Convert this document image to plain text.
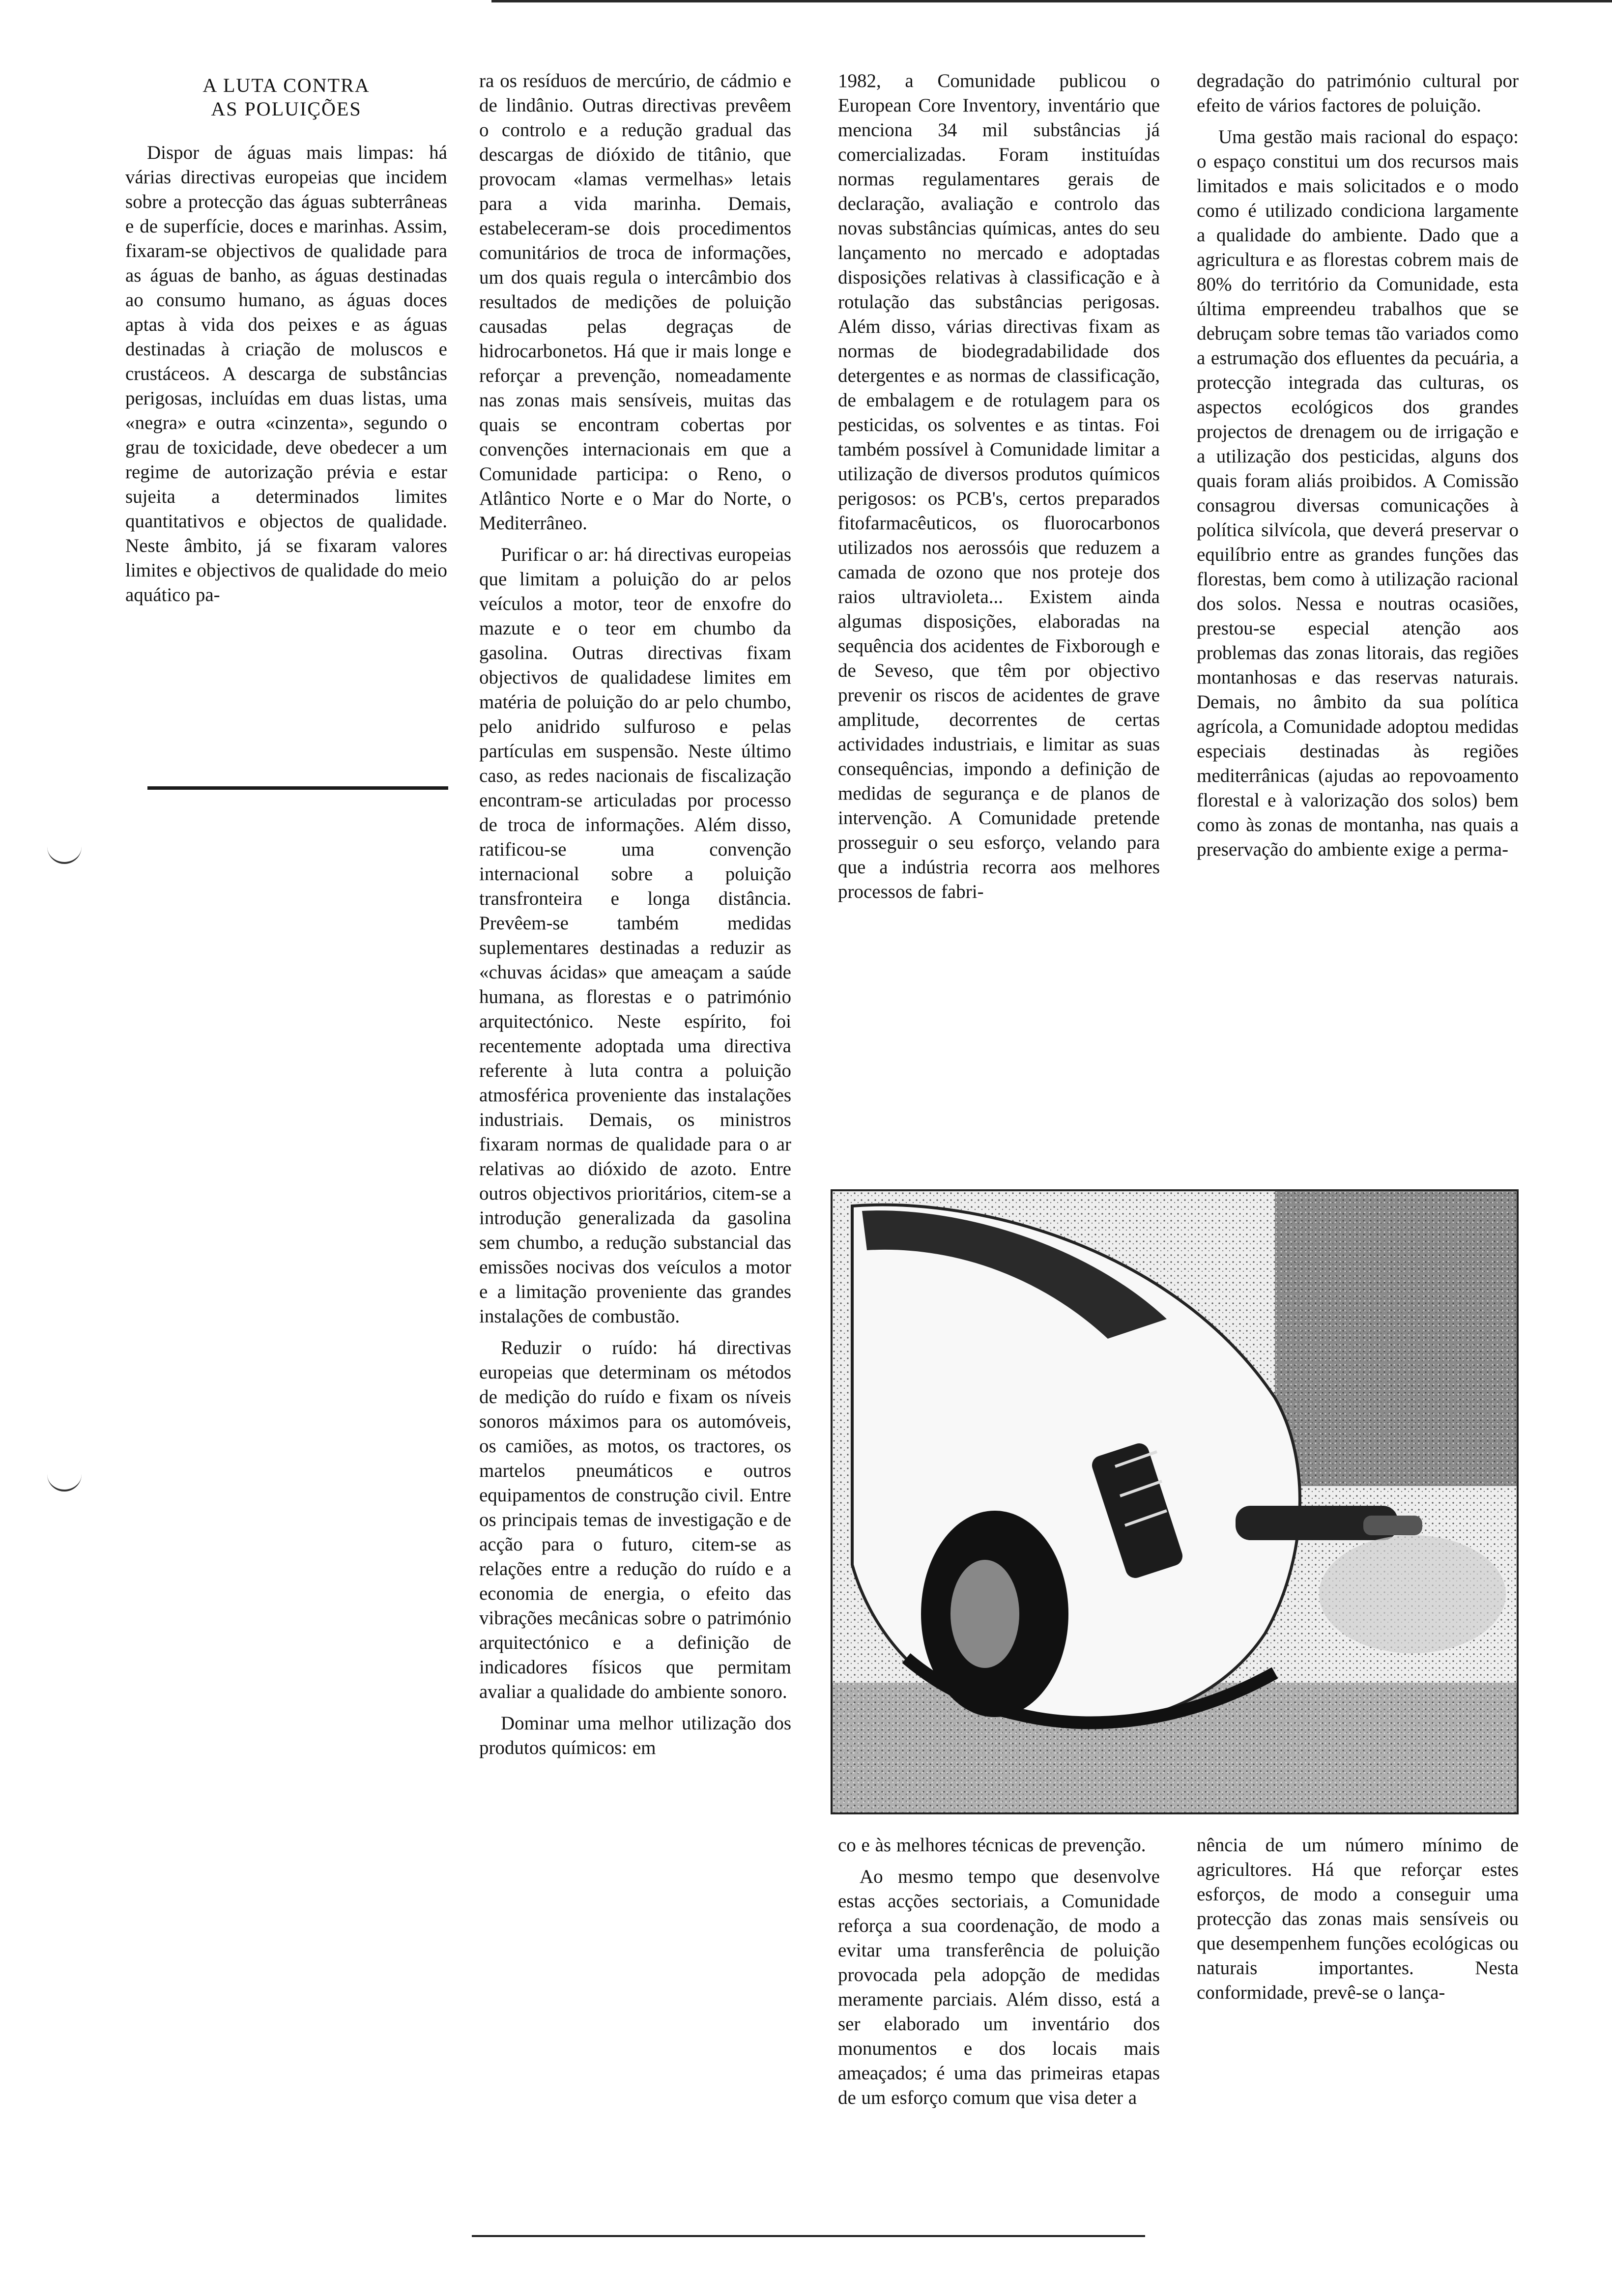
A LUTA CONTRA
AS POLUIÇÕES

Dispor de águas mais limpas: há várias directivas europeias que incidem sobre a protecção das águas subterrâneas e de superfície, doces e marinhas. Assim, fixaram-se objectivos de qualidade para as águas de banho, as águas destinadas ao consumo humano, as águas doces aptas à vida dos peixes e as águas destinadas à criação de moluscos e crustáceos. A descarga de substâncias perigosas, incluídas em duas listas, uma «negra» e outra «cinzenta», segundo o grau de toxicidade, deve obedecer a um regime de autorização prévia e estar sujeita a determinados limites quantitativos e objectos de qualidade. Neste âmbito, já se fixaram valores limites e objectivos de qualidade do meio aquático pa-

ra os resíduos de mercúrio, de cádmio e de lindânio. Outras directivas prevêem o controlo e a redução gradual das descargas de dióxido de titânio, que provocam «lamas vermelhas» letais para a vida marinha. Demais, estabeleceram-se dois procedimentos comunitários de troca de informações, um dos quais regula o intercâmbio dos resultados de medições de poluição causadas pelas degraças de hidrocarbonetos. Há que ir mais longe e reforçar a prevenção, nomeadamente nas zonas mais sensíveis, muitas das quais se encontram cobertas por convenções internacionais em que a Comunidade participa: o Reno, o Atlântico Norte e o Mar do Norte, o Mediterrâneo.

Purificar o ar: há directivas europeias que limitam a poluição do ar pelos veículos a motor, teor de enxofre do mazute e o teor em chumbo da gasolina. Outras directivas fixam objectivos de qualidadese limites em matéria de poluição do ar pelo chumbo, pelo anidrido sulfuroso e pelas partículas em suspensão. Neste último caso, as redes nacionais de fiscalização encontram-se articuladas por processo de troca de informações. Além disso, ratificou-se uma convenção internacional sobre a poluição transfronteira e longa distância. Prevêem-se também medidas suplementares destinadas a reduzir as «chuvas ácidas» que ameaçam a saúde humana, as florestas e o património arquitectónico. Neste espírito, foi recentemente adoptada uma directiva referente à luta contra a poluição atmosférica proveniente das instalações industriais. Demais, os ministros fixaram normas de qualidade para o ar relativas ao dióxido de azoto. Entre outros objectivos prioritários, citem-se a introdução generalizada da gasolina sem chumbo, a redução substancial das emissões nocivas dos veículos a motor e a limitação proveniente das grandes instalações de combustão.

Reduzir o ruído: há directivas europeias que determinam os métodos de medição do ruído e fixam os níveis sonoros máximos para os automóveis, os camiões, as motos, os tractores, os martelos pneumáticos e outros equipamentos de construção civil. Entre os principais temas de investigação e de acção para o futuro, citem-se as relações entre a redução do ruído e a economia de energia, o efeito das vibrações mecânicas sobre o património arquitectónico e a definição de indicadores físicos que permitam avaliar a qualidade do ambiente sonoro.

Dominar uma melhor utilização dos produtos químicos: em

1982, a Comunidade publicou o European Core Inventory, inventário que menciona 34 mil substâncias já comercializadas. Foram instituídas normas regulamentares gerais de declaração, avaliação e controlo das novas substâncias químicas, antes do seu lançamento no mercado e adoptadas disposições relativas à classificação e à rotulação das substâncias perigosas. Além disso, várias directivas fixam as normas de biodegradabilidade dos detergentes e as normas de classificação, de embalagem e de rotulagem para os pesticidas, os solventes e as tintas. Foi também possível à Comunidade limitar a utilização de diversos produtos químicos perigosos: os PCB's, certos preparados fitofarmacêuticos, os fluorocarbonos utilizados nos aerossóis que reduzem a camada de ozono que nos proteje dos raios ultravioleta... Existem ainda algumas disposições, elaboradas na sequência dos acidentes de Fixborough e de Seveso, que têm por objectivo prevenir os riscos de acidentes de grave amplitude, decorrentes de certas actividades industriais, e limitar as suas consequências, impondo a definição de medidas de segurança e de planos de intervenção. A Comunidade pretende prosseguir o seu esforço, velando para que a indústria recorra aos melhores processos de fabri-

degradação do património cultural por efeito de vários factores de poluição.

Uma gestão mais racional do espaço: o espaço constitui um dos recursos mais limitados e mais solicitados e o modo como é utilizado condiciona largamente a qualidade do ambiente. Dado que a agricultura e as florestas cobrem mais de 80% do território da Comunidade, esta última empreendeu trabalhos que se debruçam sobre temas tão variados como a estrumação dos efluentes da pecuária, a protecção integrada das culturas, os aspectos ecológicos dos grandes projectos de drenagem ou de irrigação e a utilização dos pesticidas, alguns dos quais foram aliás proibidos. A Comissão consagrou diversas comunicações à política silvícola, que deverá preservar o equilíbrio entre as grandes funções das florestas, bem como à utilização racional dos solos. Nessa e noutras ocasiões, prestou-se especial atenção aos problemas das zonas litorais, das regiões montanhosas e das reservas naturais. Demais, no âmbito da sua política agrícola, a Comunidade adoptou medidas especiais destinadas às regiões mediterrânicas (ajudas ao repovoamento florestal e à valorização dos solos) bem como às zonas de montanha, nas quais a preservação do ambiente exige a perma-

co e às melhores técnicas de prevenção.

Ao mesmo tempo que desenvolve estas acções sectoriais, a Comunidade reforça a sua coordenação, de modo a evitar uma transferência de poluição provocada pela adopção de medidas meramente parciais. Além disso, está a ser elaborado um inventário dos monumentos e dos locais mais ameaçados; é uma das primeiras etapas de um esforço comum que visa deter a

nência de um número mínimo de agricultores. Há que reforçar estes esforços, de modo a conseguir uma protecção das zonas mais sensíveis ou que desempenhem funções ecológicas ou naturais importantes. Nesta conformidade, prevê-se o lança-
